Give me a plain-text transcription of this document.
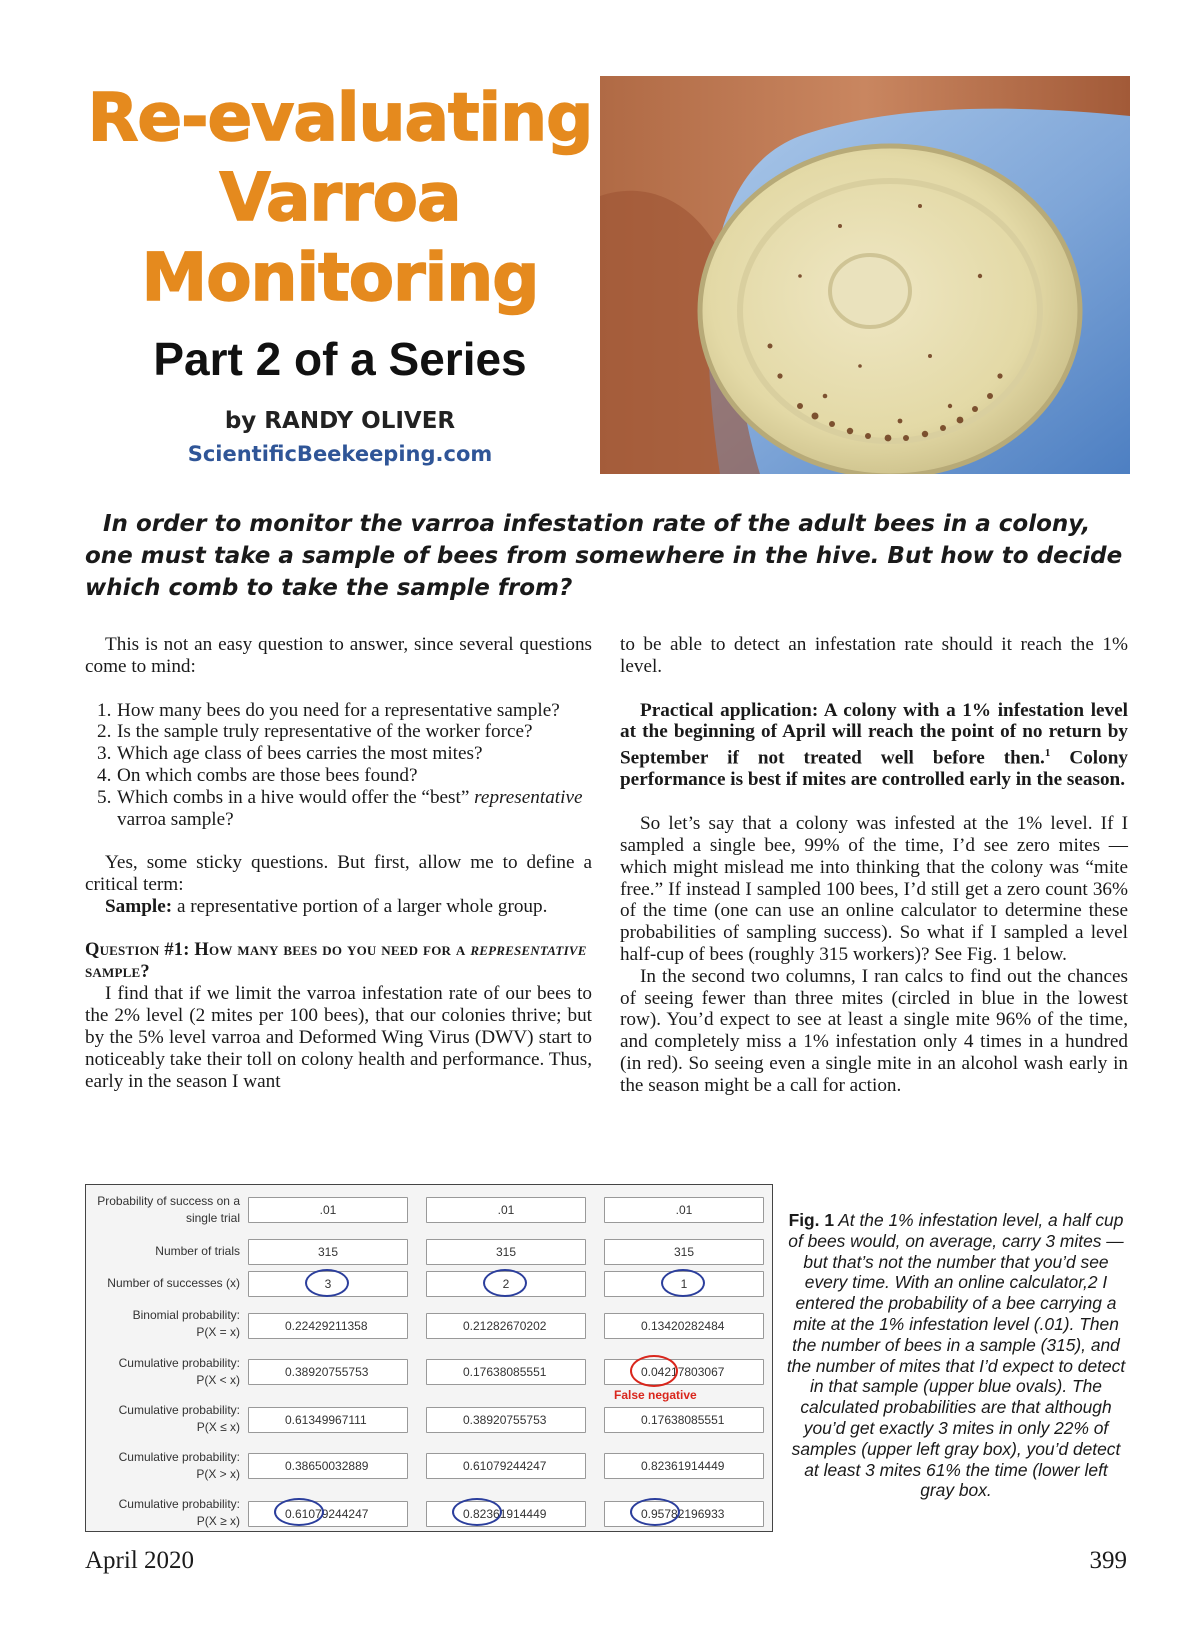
Re-evaluating
Varroa
Monitoring
Part 2 of a Series
by RANDY OLIVER
ScientificBeekeeping.com
In order to monitor the varroa infestation rate of the adult bees in a colony, one must take a sample of bees from somewhere in the hive. But how to decide which comb to take the sample from?

This is not an easy question to answer, since several questions come to mind:

1. How many bees do you need for a representative sample?
2. Is the sample truly representative of the worker force?
3. Which age class of bees carries the most mites?
4. On which combs are those bees found?
5. Which combs in a hive would offer the “best” representative varroa sample?

Yes, some sticky questions. But first, allow me to define a critical term:

Sample: a representative portion of a larger whole group.

Question #1: How many bees do you need for a representative sample?

I find that if we limit the varroa infestation rate of our bees to the 2% level (2 mites per 100 bees), that our colonies thrive; but by the 5% level varroa and Deformed Wing Virus (DWV) start to noticeably take their toll on colony health and performance. Thus, early in the season I want

to be able to detect an infestation rate should it reach the 1% level.

Practical application: A colony with a 1% infestation level at the beginning of April will reach the point of no return by September if not treated well before then.$^1$ Colony performance is best if mites are controlled early in the season.

So let’s say that a colony was infested at the 1% level. If I sampled a single bee, 99% of the time, I’d see zero mites — which might mislead me into thinking that the colony was “mite free.” If instead I sampled 100 bees, I’d still get a zero count 36% of the time (one can use an online calculator to determine these probabilities of sampling success). So what if I sampled a level half-cup of bees (roughly 315 workers)? See Fig. 1 below.

In the second two columns, I ran calcs to find out the chances of seeing fewer than three mites (circled in blue in the lowest row). You’d expect to see at least a single mite 96% of the time, and completely miss a 1% infestation only 4 times in a hundred (in red). So seeing even a single mite in an alcohol wash early in the season might be a call for action.

Probability of success on a
single trial
.01	.01	.01
Number of trials	315	315	315
Number of successes (x)	3	2	1
Binomial probability:
P(X = x)	0.22429211358	0.21282670202	0.13420282484
Cumulative probability:
P(X < x)
0.38920755753	0.17638085551	0.04217803067
Cumulative probability:
P(X ≤ x)	0.61349967111	0.38920755753	0.17638085551
Cumulative probability:
P(X > x)
0.38650032889	0.61079244247	0.82361914449
Cumulative probability:
P(X ≥ x)	0.61079244247	0.82361914449	0.95782196933
False negative
Fig. 1 At the 1% infestation level, a half cup of bees would, on average, carry 3 mites — but that’s not the number that you’d see every time. With an online calculator,2 I entered the probability of a bee carrying a mite at the 1% infestation level (.01). Then the number of bees in a sample (315), and the number of mites that I’d expect to detect in that sample (upper blue ovals). The calculated probabilities are that although you’d get exactly 3 mites in only 22% of samples (upper left gray box), you’d detect at least 3 mites 61% the time (lower left gray box.
April 2020	399
